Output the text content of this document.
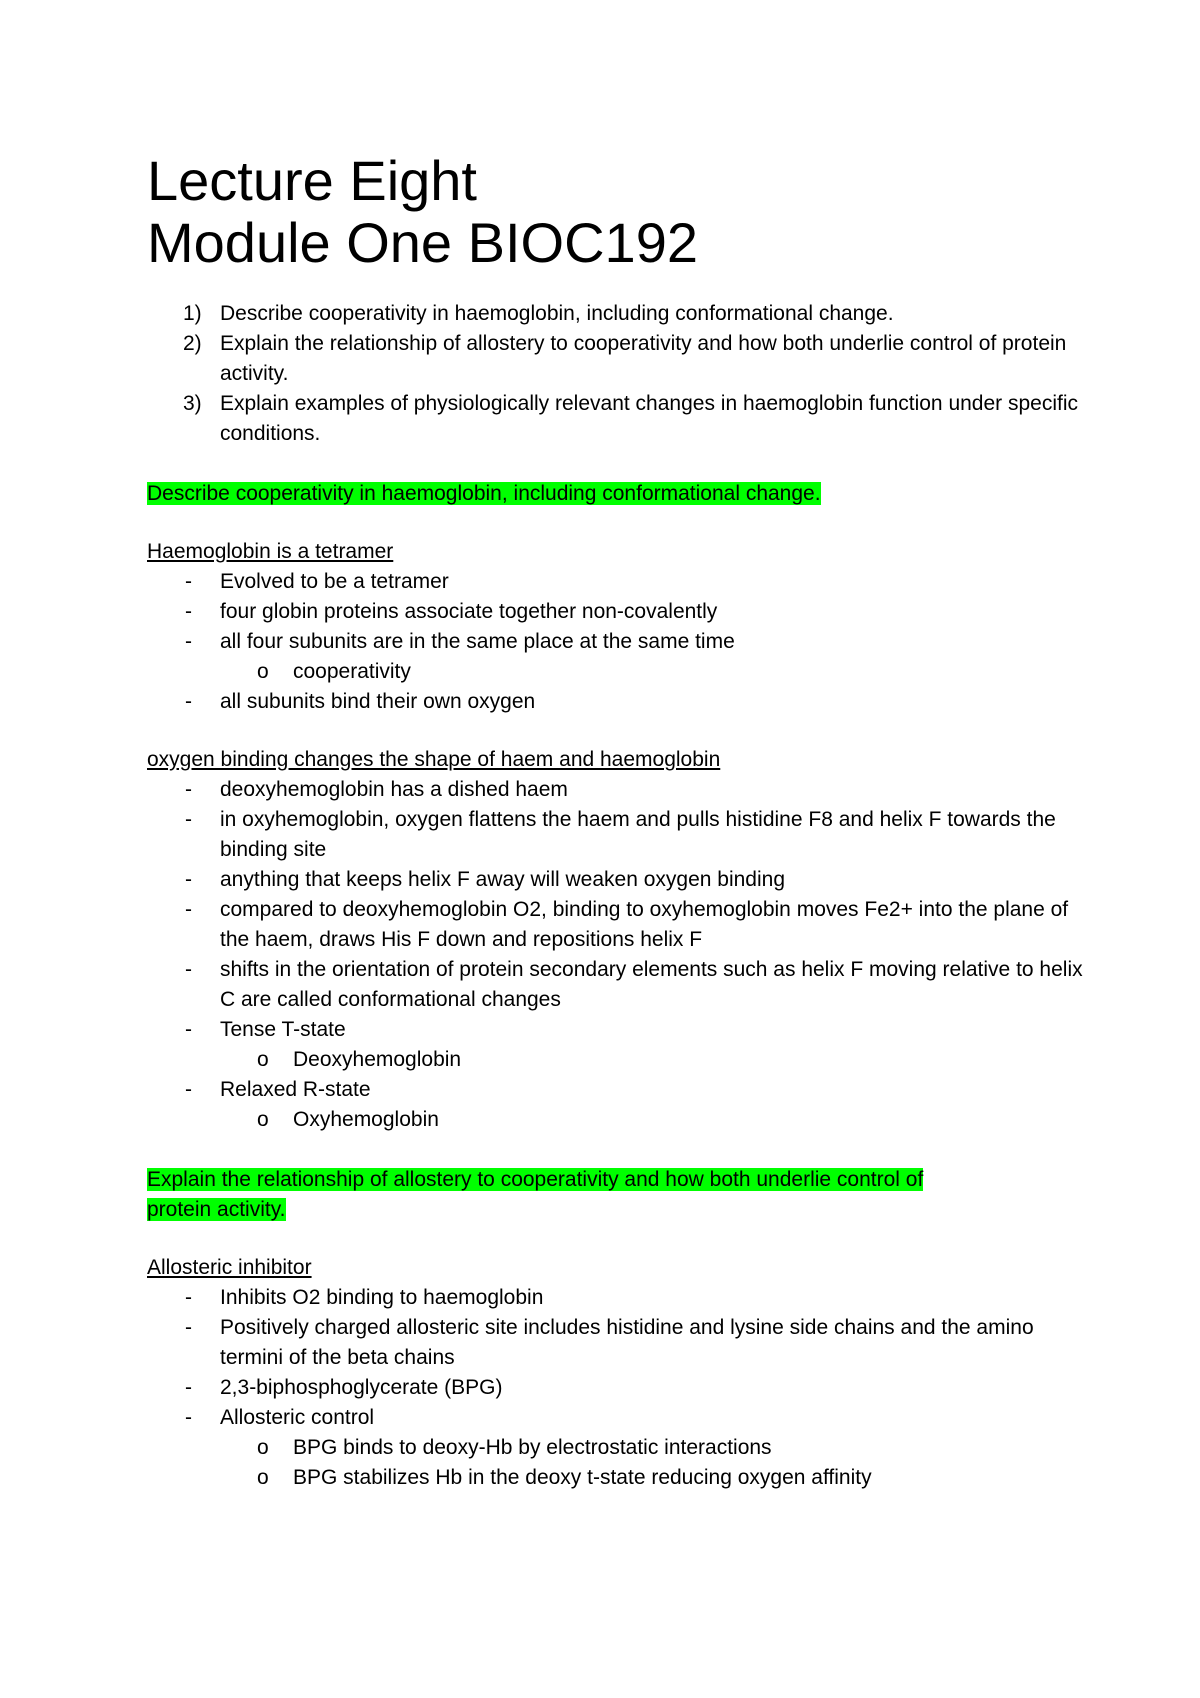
Lecture Eight
Module One BIOC192
1) Describe cooperativity in haemoglobin, including conformational change.
2) Explain the relationship of allostery to cooperativity and how both underlie control of protein activity.
3) Explain examples of physiologically relevant changes in haemoglobin function under specific conditions.
Describe cooperativity in haemoglobin, including conformational change.
Haemoglobin is a tetramer
- Evolved to be a tetramer
- four globin proteins associate together non-covalently
- all four subunits are in the same place at the same time
o cooperativity
- all subunits bind their own oxygen
oxygen binding changes the shape of haem and haemoglobin
- deoxyhemoglobin has a dished haem
- in oxyhemoglobin, oxygen flattens the haem and pulls histidine F8 and helix F towards the binding site
- anything that keeps helix F away will weaken oxygen binding
- compared to deoxyhemoglobin O2, binding to oxyhemoglobin moves Fe2+ into the plane of the haem, draws His F down and repositions helix F
- shifts in the orientation of protein secondary elements such as helix F moving relative to helix C are called conformational changes
- Tense T-state
o Deoxyhemoglobin
- Relaxed R-state
o Oxyhemoglobin
Explain the relationship of allostery to cooperativity and how both underlie control of
protein activity.
Allosteric inhibitor
- Inhibits O2 binding to haemoglobin
- Positively charged allosteric site includes histidine and lysine side chains and the amino termini of the beta chains
- 2,3-biphosphoglycerate (BPG)
- Allosteric control
o BPG binds to deoxy-Hb by electrostatic interactions
o BPG stabilizes Hb in the deoxy t-state reducing oxygen affinity
